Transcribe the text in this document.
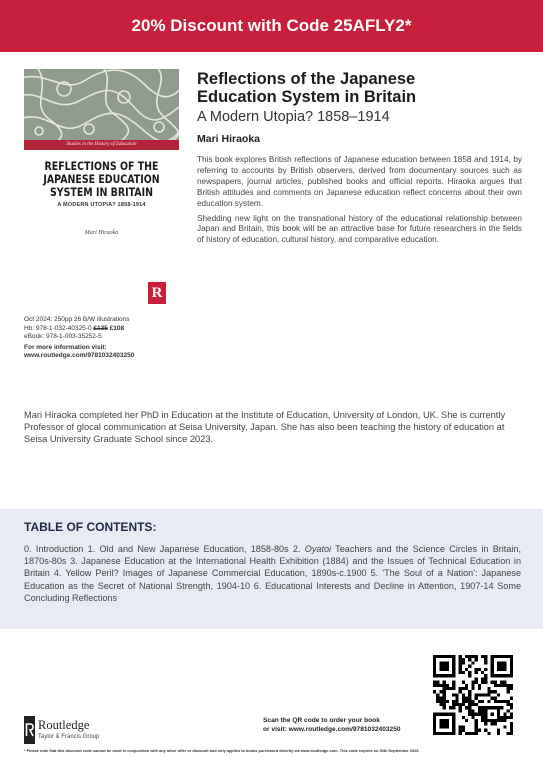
20% Discount with Code 25AFLY2*
Studies in the History of Education
REFLECTIONS OF THE
JAPANESE EDUCATION
SYSTEM IN BRITAIN
A MODERN UTOPIA? 1858-1914
Mari Hiraoka
R
Oct 2024: 250pp 26 B/W illustrations
Hb: 978-1-032-40325-0 £135 £108
eBook: 978-1-003-35252-5
For more information visit:
www.routledge.com/9781032403250
Reflections of the Japanese
Education System in Britain
A Modern Utopia? 1858–1914
Mari Hiraoka

This book explores British reflections of Japanese education between 1858 and 1914, by referring to accounts by British observers, derived from documentary sources such as newspapers, journal articles, published books and official reports. Hiraoka argues that British attitudes and comments on Japanese education reflect concerns about their own education system.

Shedding new light on the transnational history of the educational relationship between Japan and Britain, this book will be an attractive base for future researchers in the fields of history of education, cultural history, and comparative education.

Mari Hiraoka completed her PhD in Education at the Institute of Education, University of London, UK. She is currently Professor of glocal communication at Seisa University, Japan. She has also been teaching the history of education at Seisa University Graduate School since 2023.
TABLE OF CONTENTS:
0. Introduction 1. Old and New Japanese Education, 1858-80s 2. Oyatoi Teachers and the Science Circles in Britain, 1870s-80s 3. Japanese Education at the International Health Exhibition (1884) and the Issues of Technical Education in Britain 4. Yellow Peril? Images of Japanese Commercial Education, 1890s-c.1900 5. 'The Soul of a Nation': Japanese Education as the Secret of National Strength, 1904-10 6. Educational Interests and Decline in Attention, 1907-14 Some Concluding Reflections
Routledge
Taylor & Francis Group
Scan the QR code to order your book
or visit: www.routledge.com/9781032403250
* Please note that this discount code cannot be used in conjunction with any other offer or discount and only applies to books purchased directly via www.routledge.com. This code expires on 30th September 2025.
